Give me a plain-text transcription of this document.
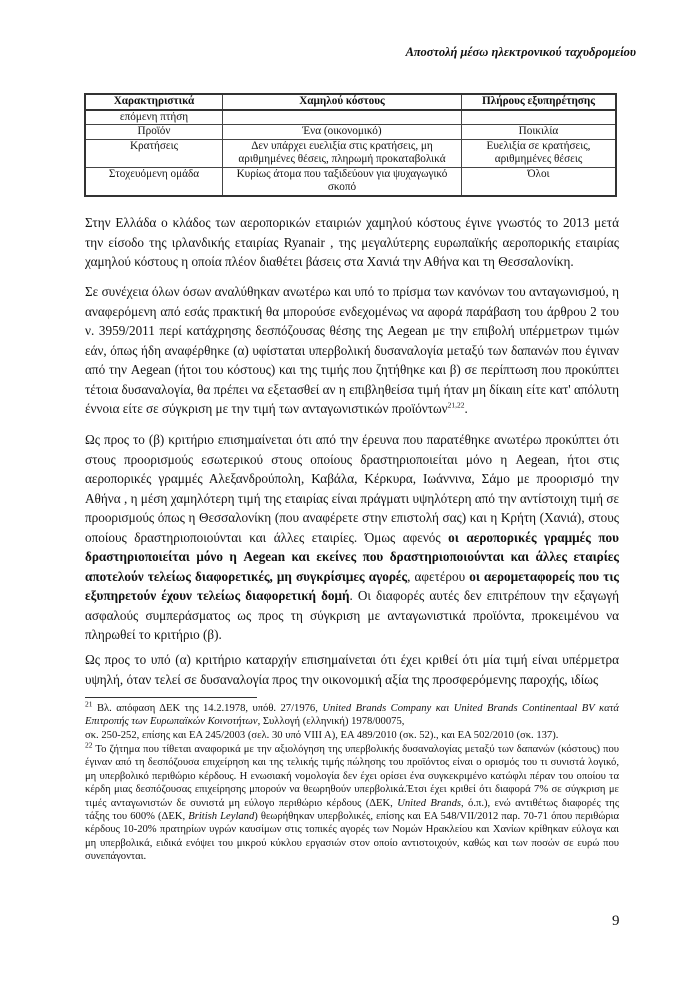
Αποστολή μέσω ηλεκτρονικού ταχυδρομείου
Χαρακτηριστικά	Χαμηλού κόστους	Πλήρους εξυπηρέτησης
επόμενη πτήση		
Προϊόν	Ένα (οικονομικό)	Ποικιλία
Κρατήσεις	Δεν υπάρχει ευελιξία στις κρατήσεις, μη αριθμημένες θέσεις, πληρωμή προκαταβολικά	Ευελιξία σε κρατήσεις, αριθμημένες θέσεις
Στοχευόμενη ομάδα	Κυρίως άτομα που ταξιδεύουν για ψυχαγωγικό σκοπό	Όλοι
Στην Ελλάδα ο κλάδος των αεροπορικών εταιριών χαμηλού κόστους έγινε γνωστός το 2013 μετά την είσοδο της ιρλανδικής εταιρίας Ryanair , της μεγαλύτερης ευρωπαϊκής αεροπορικής εταιρίας χαμηλού κόστους η οποία πλέον διαθέτει βάσεις στα Χανιά την Αθήνα και τη Θεσσαλονίκη.
Σε συνέχεια όλων όσων αναλύθηκαν ανωτέρω και υπό το πρίσμα των κανόνων του ανταγωνισμού, η αναφερόμενη από εσάς πρακτική θα μπορούσε ενδεχομένως να αφορά παράβαση του άρθρου 2 του ν. 3959/2011 περί κατάχρησης δεσπόζουσας θέσης της Aegean με την επιβολή υπέρμετρων τιμών εάν, όπως ήδη αναφέρθηκε (α) υφίσταται υπερβολική δυσαναλογία μεταξύ των δαπανών που έγιναν από την Aegean (ήτοι του κόστους) και της τιμής που ζητήθηκε και β) σε περίπτωση που προκύπτει τέτοια δυσαναλογία, θα πρέπει να εξετασθεί αν η επιβληθείσα τιμή ήταν μη δίκαιη είτε κατ' απόλυτη έννοια είτε σε σύγκριση με την τιμή των ανταγωνιστικών προϊόντων$^{21,22}$.
Ως προς το (β) κριτήριο επισημαίνεται ότι από την έρευνα που παρατέθηκε ανωτέρω προκύπτει ότι στους προορισμούς εσωτερικού στους οποίους δραστηριοποιείται μόνο η Aegean, ήτοι στις αεροπορικές γραμμές Αλεξανδρούπολη, Καβάλα, Κέρκυρα, Ιωάννινα, Σάμο με προορισμό την Αθήνα , η μέση χαμηλότερη τιμή της εταιρίας είναι πράγματι υψηλότερη από την αντίστοιχη τιμή σε προορισμούς όπως η Θεσσαλονίκη (που αναφέρετε στην επιστολή σας) και η Κρήτη (Χανιά), στους οποίους δραστηριοποιούνται και άλλες εταιρίες. Όμως αφενός οι αεροπορικές γραμμές που δραστηριοποιείται μόνο η Aegean και εκείνες που δραστηριοποιούνται και άλλες εταιρίες αποτελούν τελείως διαφορετικές, μη συγκρίσιμες αγορές, αφετέρου οι αερομεταφορείς που τις εξυπηρετούν έχουν τελείως διαφορετική δομή. Οι διαφορές αυτές δεν επιτρέπουν την εξαγωγή ασφαλούς συμπεράσματος ως προς τη σύγκριση με ανταγωνιστικά προϊόντα, προκειμένου να πληρωθεί το κριτήριο (β).
Ως προς το υπό (α) κριτήριο καταρχήν επισημαίνεται ότι έχει κριθεί ότι μία τιμή είναι υπέρμετρα υψηλή, όταν τελεί σε δυσαναλογία προς την οικονομική αξία της προσφερόμενης παροχής, ιδίως
$^{21}$ Βλ. απόφαση ΔΕΚ της 14.2.1978, υπόθ. 27/1976, United Brands Company και United Brands Continentaal BV κατά Επιτροπής των Ευρωπαϊκών Κοινοτήτων, Συλλογή (ελληνική) 1978/00075,
σκ. 250-252, επίσης και ΕΑ 245/2003 (σελ. 30 υπό VIII A), ΕΑ 489/2010 (σκ. 52)., και ΕΑ 502/2010 (σκ. 137).
$^{22}$ Το ζήτημα που τίθεται αναφορικά με την αξιολόγηση της υπερβολικής δυσαναλογίας μεταξύ των δαπανών (κόστους) που έγιναν από τη δεσπόζουσα επιχείρηση και της τελικής τιμής πώλησης του προϊόντος είναι ο ορισμός του τι συνιστά λογικό, μη υπερβολικό περιθώριο κέρδους. Η ενωσιακή νομολογία δεν έχει ορίσει ένα συγκεκριμένο κατώφλι πέραν του οποίου τα κέρδη μιας δεσπόζουσας επιχείρησης μπορούν να θεωρηθούν υπερβολικά.Έτσι έχει κριθεί ότι διαφορά 7% σε σύγκριση με τιμές ανταγωνιστών δε συνιστά μη εύλογο περιθώριο κέρδους (ΔΕΚ, United Brands, ό.π.), ενώ αντιθέτως διαφορές της τάξης του 600% (ΔΕΚ, British Leyland) θεωρήθηκαν υπερβολικές, επίσης και ΕΑ 548/VII/2012 παρ. 70-71 όπου περιθώρια κέρδους 10-20% πρατηρίων υγρών καυσίμων στις τοπικές αγορές των Νομών Ηρακλείου και Χανίων κρίθηκαν εύλογα και μη υπερβολικά, ειδικά ενόψει του μικρού κύκλου εργασιών στον οποίο αντιστοιχούν, καθώς και των ποσών σε ευρώ που συνεπάγονται.
9
